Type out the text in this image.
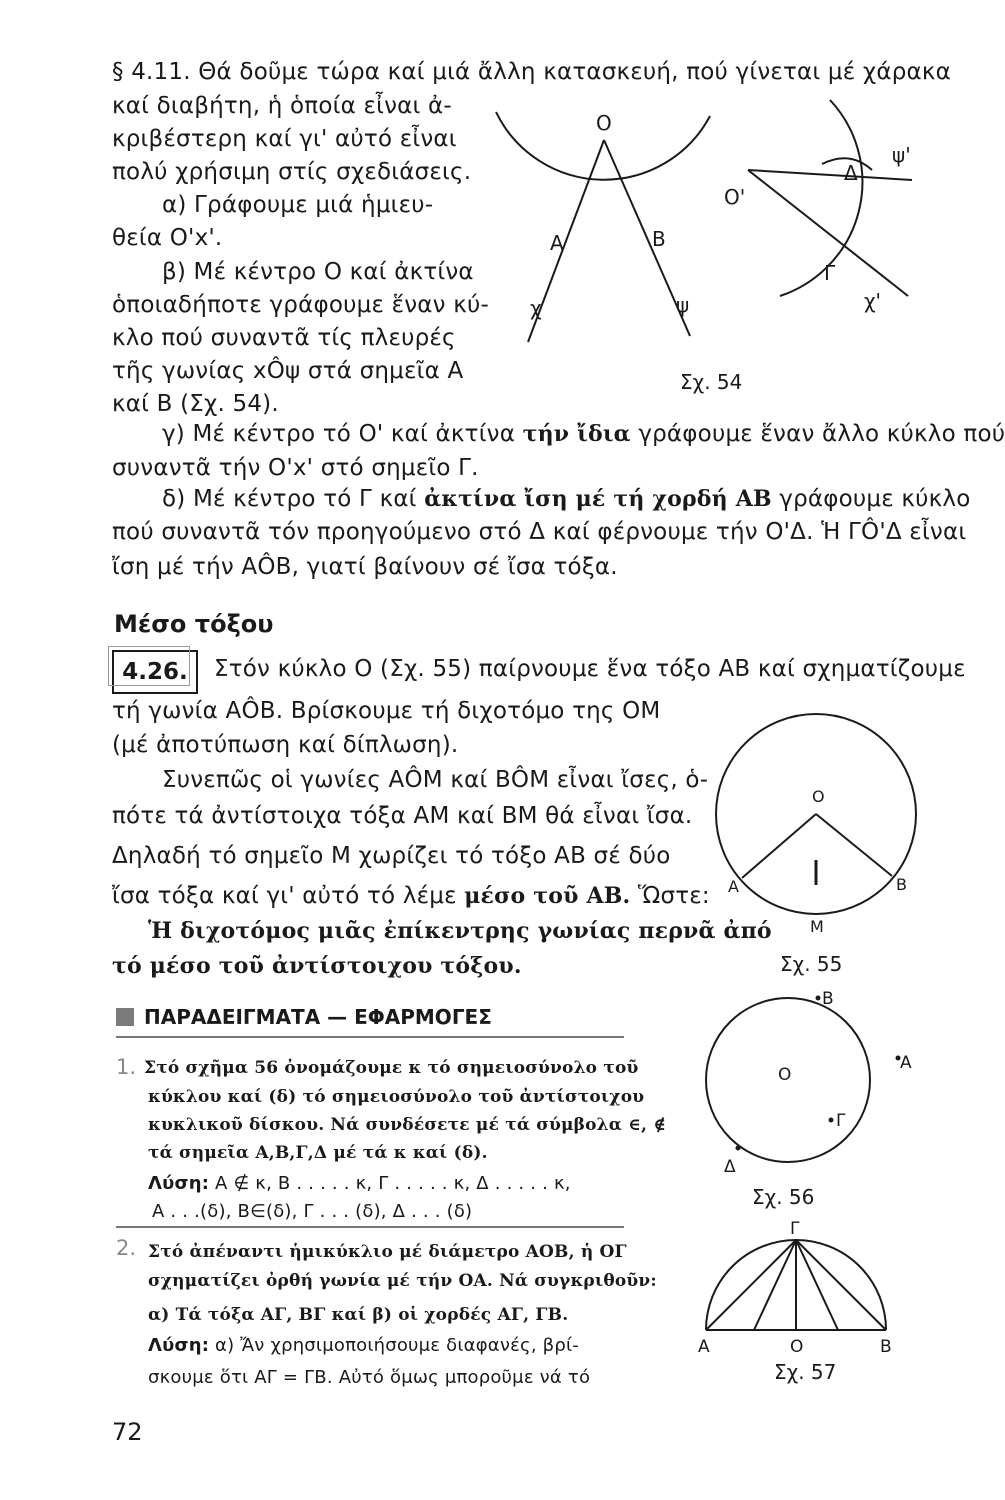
§ 4.11. Θά δοῦμε τώρα καί μιά ἄλλη κατασκευή, πού γίνεται μέ χάρακα
καί διαβήτη, ἡ ὁποία εἶναι ἀ-
κριβέστερη καί γι' αὐτό εἶναι
πολύ χρήσιμη στίς σχεδιάσεις.
α) Γράφουμε μιά ἡμιευ-
θεία Ο'x'.
β) Μέ κέντρο Ο καί ἀκτίνα
ὁποιαδήποτε γράφουμε ἕναν κύ-
κλο πού συναντᾶ τίς πλευρές
τῆς γωνίας xÔψ στά σημεῖα Α
καί Β (Σχ. 54).
γ) Μέ κέντρο τό Ο' καί ἀκτίνα τήν ἴδια γράφουμε ἕναν ἄλλο κύκλο πού
συναντᾶ τήν Ο'x' στό σημεῖο Γ.
δ) Μέ κέντρο τό Γ καί ἀκτίνα ἴση μέ τή χορδή ΑΒ γράφουμε κύκλο
πού συναντᾶ τόν προηγούμενο στό Δ καί φέρνουμε τήν Ο'Δ. Ἡ ΓÔ'Δ εἶναι
ἴση μέ τήν ΑÔΒ, γιατί βαίνουν σέ ἴσα τόξα.
Μέσο τόξου
4.26.	Στόν κύκλο Ο (Σχ. 55) παίρνουμε ἕνα τόξο ΑΒ καί σχηματίζουμε
τή γωνία ΑÔΒ. Βρίσκουμε τή διχοτόμο της ΟΜ
(μέ ἀποτύπωση καί δίπλωση).
Συνεπῶς οἱ γωνίες ΑÔΜ καί ΒÔΜ εἶναι ἴσες, ὁ-
πότε τά ἀντίστοιχα τόξα ΑΜ καί ΒΜ θά εἶναι ἴσα.
Δηλαδή τό σημεῖο Μ χωρίζει τό τόξο ΑΒ σέ δύο
ἴσα τόξα καί γι' αὐτό τό λέμε μέσο τοῦ ΑΒ. Ὥστε:
Ἡ διχοτόμος μιᾶς ἐπίκεντρης γωνίας περνᾶ ἀπό
τό μέσο τοῦ ἀντίστοιχου τόξου.
ΠΑΡΑΔΕΙΓΜΑΤΑ — ΕΦΑΡΜΟΓΕΣ
1. Στό σχῆμα 56 ὀνομάζουμε κ τό σημειοσύνολο τοῦ
κύκλου καί (δ) τό σημειοσύνολο τοῦ ἀντίστοιχου
κυκλικοῦ δίσκου. Νά συνδέσετε μέ τά σύμβολα ∈, ∉
τά σημεῖα Α,Β,Γ,Δ μέ τά κ καί (δ).
Λύση: Α ∉ κ, Β . . . . . κ, Γ . . . . . κ, Δ . . . . . κ,
Α . . .(δ), Β∈(δ), Γ . . . (δ), Δ . . . (δ)
2. Στό ἀπέναντι ἡμικύκλιο μέ διάμετρο ΑΟΒ, ἡ ΟΓ
σχηματίζει ὀρθή γωνία μέ τήν ΟΑ. Νά συγκριθοῦν:
α) Τά τόξα ΑΓ, ΒΓ καί β) οἱ χορδές ΑΓ, ΓΒ.
Λύση: α) Ἄν χρησιμοποιήσουμε διαφανές, βρί-
σκουμε ὅτι ΑΓ = ΓΒ. Αὐτό ὅμως μποροῦμε νά τό
72
Ο
Α	Β
χ	ψ
Ο'
Δ
ψ'
Γ
χ'
Σχ. 54
Ο
Α	Β
Μ
Σχ. 55
Β
Ο
Α
Γ
Δ
Σχ. 56
Γ
Α	Ο	Β
Σχ. 57
